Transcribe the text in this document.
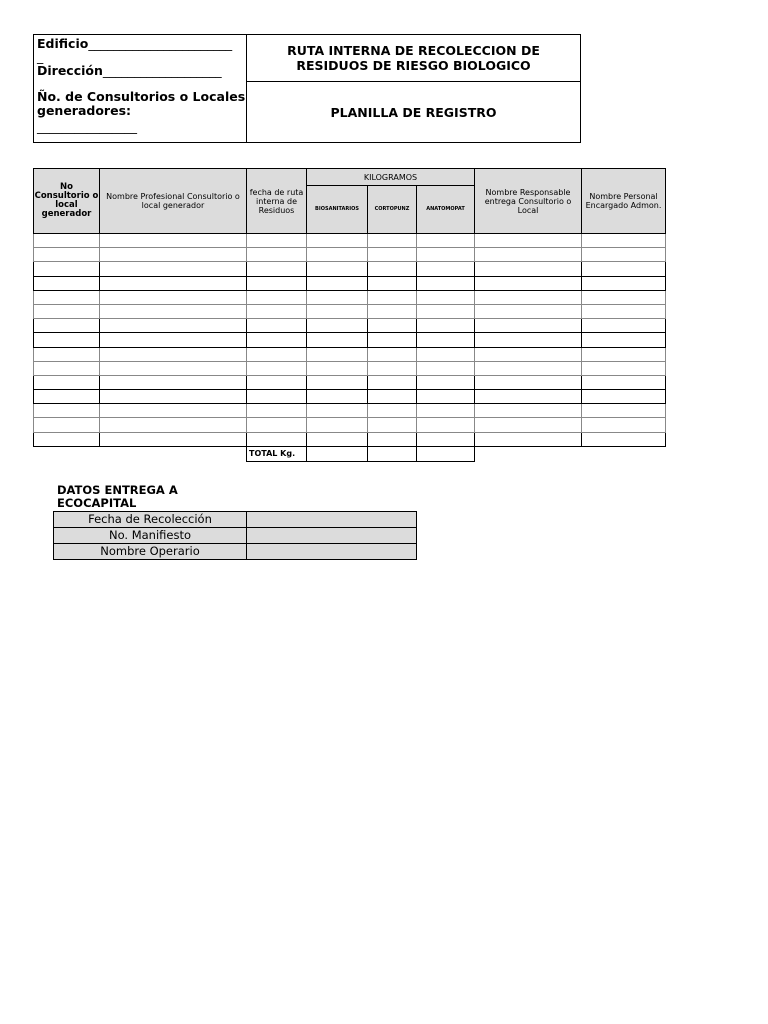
Edificio_______________________
_
Dirección___________________
Ño. de Consultorios o Locales
generadores:
________________
RUTA INTERNA DE RECOLECCION DE RESIDUOS DE RIESGO BIOLOGICO
PLANILLA DE REGISTRO
No Consultorio o local generador	Nombre Profesional Consultorio o local generador	fecha de ruta interna de Residuos	KILOGRAMOS			Nombre Responsable entrega Consultorio o Local	Nombre Personal Encargado Admon.
			BIOSANITARIOS	CORTOPUNZ	ANATOMOPAT		

		TOTAL Kg.					
DATOS ENTREGA A ECOCAPITAL
Fecha de Recolección	
No. Manifiesto	
Nombre Operario	
